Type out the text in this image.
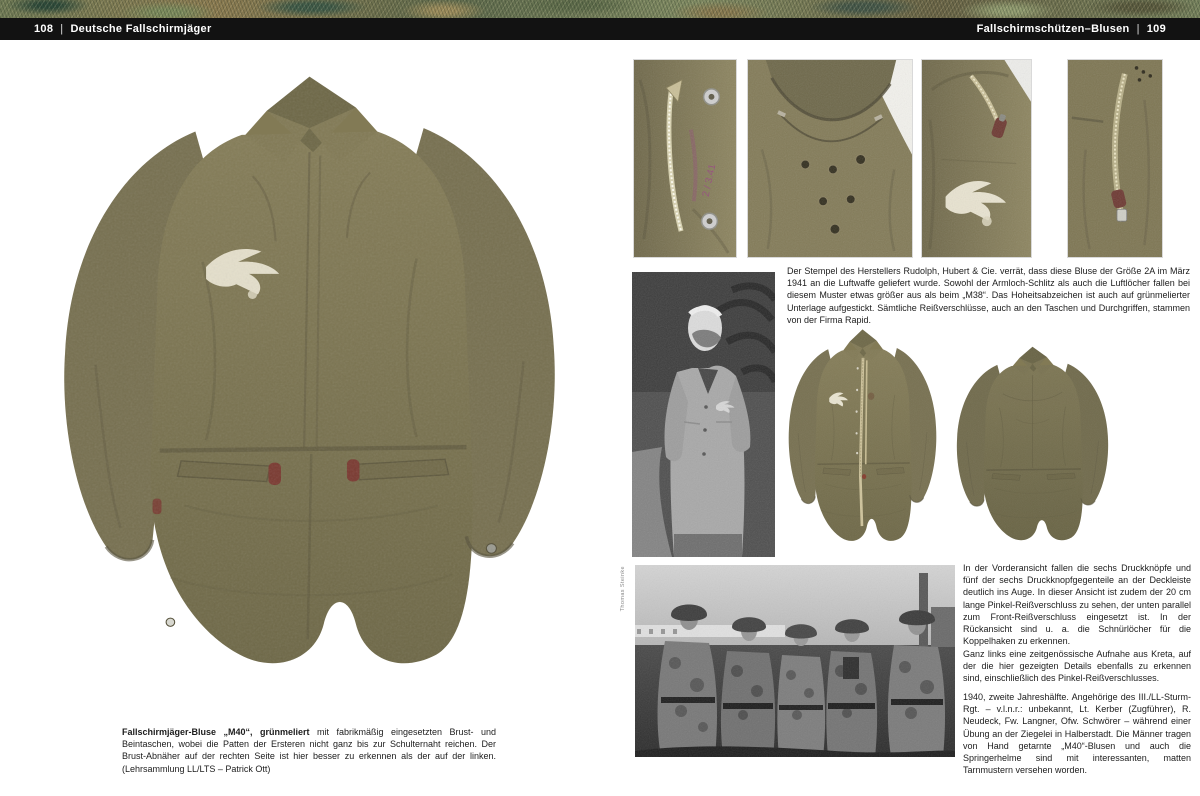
108 | Deutsche Fallschirmjäger	Fallschirmschützen–Blusen | 109

Fallschirmjäger-Bluse „M40“, grünmeliert mit fabrikmäßig eingesetzten Brust- und Beintaschen, wobei die Patten der Ersteren nicht ganz bis zur Schulternaht reichen. Der Brust-Abnäher auf der rechten Seite ist hier besser zu erkennen als der auf der linken. (Lehrsammlung LL/LTS – Patrick Ott)

2 / 3.41

Der Stempel des Herstellers Rudolph, Hubert & Cie. verrät, dass diese Bluse der Größe 2A im März 1941 an die Luftwaffe geliefert wurde. Sowohl der Armloch-Schlitz als auch die Luftlöcher fallen bei diesem Muster etwas größer aus als beim „M38“. Das Hoheitsabzeichen ist auch auf grünmelierter Unterlage aufgestickt. Sämtliche Reißverschlüsse, auch an den Taschen und Durchgriffen, stammen von der Firma Rapid.

Thomas Steinke	In der Vorderansicht fallen die sechs Druckknöpfe und fünf der sechs Druckknopfgegenteile an der Deckleiste deutlich ins Auge. In dieser Ansicht ist zudem der 20 cm lange Pinkel-Reißverschluss zu sehen, der unten parallel zum Front-Reißverschluss eingesetzt ist. In der Rückansicht sind u. a. die Schnürlöcher für die Koppelhaken zu erkennen.

Ganz links eine zeitgenössische Aufnahe aus Kreta, auf der die hier gezeigten Details ebenfalls zu erkennen sind, einschließlich des Pinkel-Reißverschlusses.

1940, zweite Jahreshälfte. Angehörige des III./LL-Sturm-Rgt. – v.l.n.r.: unbekannt, Lt. Kerber (Zugführer), R. Neudeck, Fw. Langner, Ofw. Schwörer – während einer Übung an der Ziegelei in Halberstadt. Die Männer tragen von Hand getarnte „M40“-Blusen und auch die Springerhelme sind mit interessanten, matten Tarnmustern versehen worden.
